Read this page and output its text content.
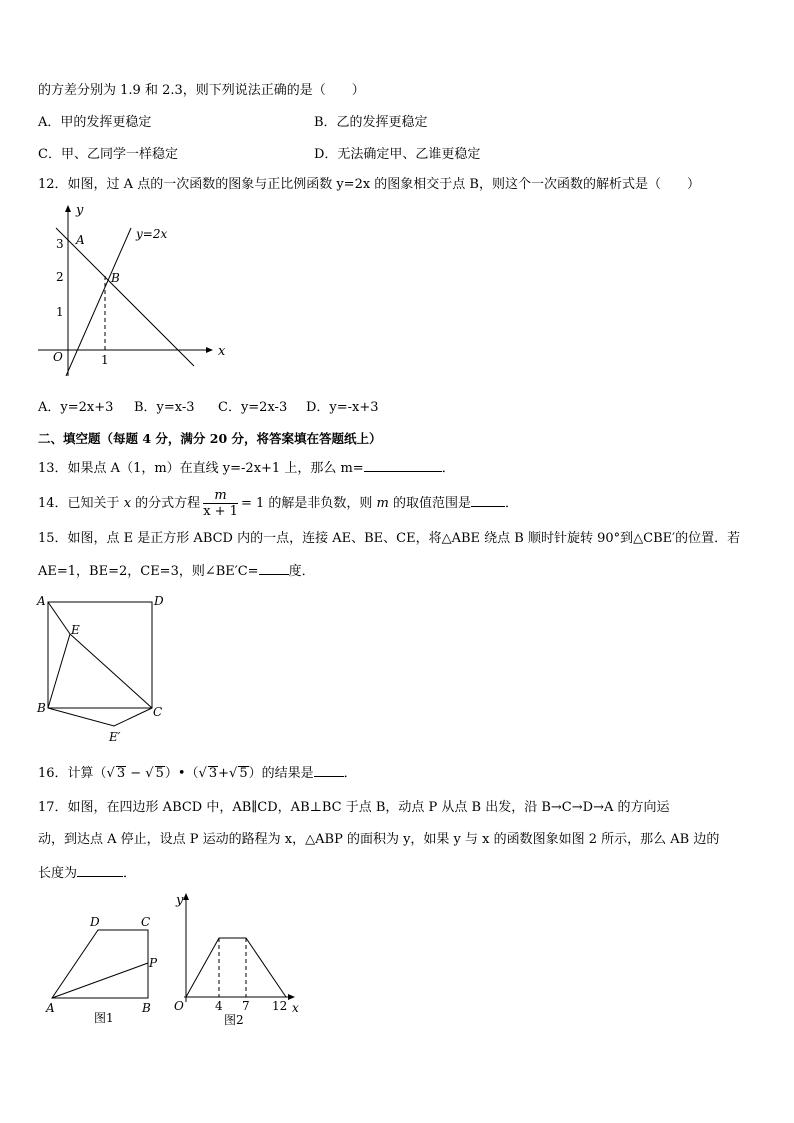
的方差分别为 1.9 和 2.3，则下列说法正确的是（　　）
A．甲的发挥更稳定	B．乙的发挥更稳定
C．甲、乙同学一样稳定	D．无法确定甲、乙谁更稳定
12．如图，过 A 点的一次函数的图象与正比例函数 y=2x 的图象相交于点 B，则这个一次函数的解析式是（　　）
y
x
O
A
B
y=2x
3
2
1
1
A．y=2x+3 B．y=x-3 C．y=2x-3 D．y=-x+3
二、填空题（每题 4 分，满分 20 分，将答案填在答题纸上）
13．如果点 A（1，m）在直线 y=-2x+1 上，那么 m=	．
14．已知关于 x 的分式方程 $\frac{m}{x + 1} = 1$ 的解是非负数，则 m 的取值范围是	．
15．如图，点 E 是正方形 ABCD 内的一点，连接 AE、BE、CE，将△ABE 绕点 B 顺时针旋转 90°到△CBE′的位置．若
AE=1，BE=2，CE=3，则∠BE′C= 度．
A	D
E
B	C
E′
16．计算（√ 3 − √ 5）•（√ 3+√ 5）的结果是 ．
17．如图，在四边形 ABCD 中，AB∥CD，AB⊥BC 于点 B，动点 P 从点 B 出发，沿 B→C→D→A 的方向运
动，到达点 A 停止，设点 P 运动的路程为 x，△ABP 的面积为 y，如果 y 与 x 的函数图象如图 2 所示，那么 AB 边的
长度为	．
D	C
P
A	B
图1
y
x
O	4 7 12
图2
